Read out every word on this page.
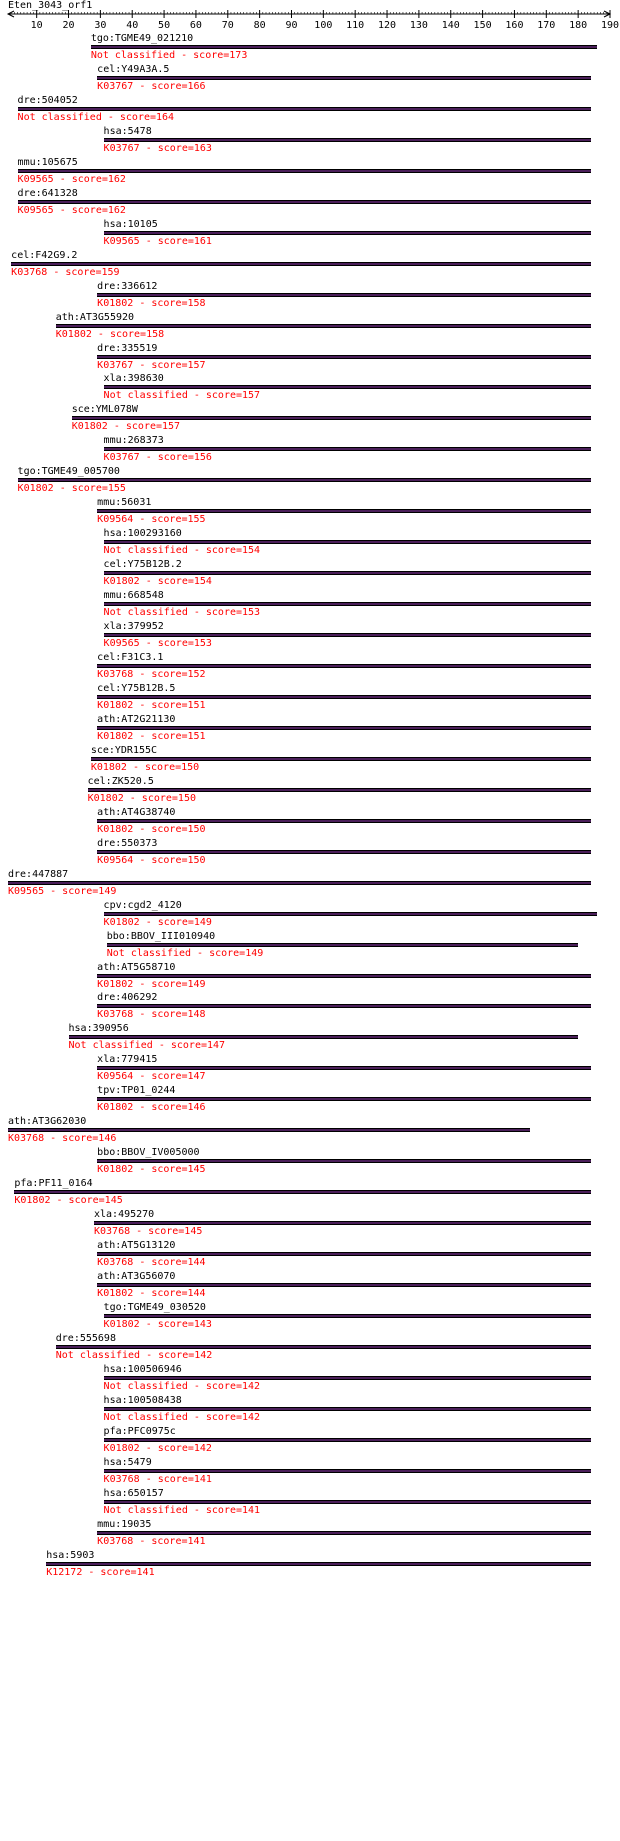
Eten_3043_orf1
10 20 30 40 50 60 70 80 90 100 110 120 130 140 150 160 170 180 190
tgo:TGME49_021210
Not classified - score=173
cel:Y49A3A.5
K03767 - score=166
dre:504052
Not classified - score=164
hsa:5478
K03767 - score=163
mmu:105675
K09565 - score=162
dre:641328
K09565 - score=162
hsa:10105
K09565 - score=161
cel:F42G9.2
K03768 - score=159
dre:336612
K01802 - score=158
ath:AT3G55920
K01802 - score=158
dre:335519
K03767 - score=157
xla:398630
Not classified - score=157
sce:YML078W
K01802 - score=157
mmu:268373
K03767 - score=156
tgo:TGME49_005700
K01802 - score=155
mmu:56031
K09564 - score=155
hsa:100293160
Not classified - score=154
cel:Y75B12B.2
K01802 - score=154
mmu:668548
Not classified - score=153
xla:379952
K09565 - score=153
cel:F31C3.1
K03768 - score=152
cel:Y75B12B.5
K01802 - score=151
ath:AT2G21130
K01802 - score=151
sce:YDR155C
K01802 - score=150
cel:ZK520.5
K01802 - score=150
ath:AT4G38740
K01802 - score=150
dre:550373
K09564 - score=150
dre:447887
K09565 - score=149
cpv:cgd2_4120
K01802 - score=149
bbo:BBOV_III010940
Not classified - score=149
ath:AT5G58710
K01802 - score=149
dre:406292
K03768 - score=148
hsa:390956
Not classified - score=147
xla:779415
K09564 - score=147
tpv:TP01_0244
K01802 - score=146
ath:AT3G62030
K03768 - score=146
bbo:BBOV_IV005000
K01802 - score=145
pfa:PF11_0164
K01802 - score=145
xla:495270
K03768 - score=145
ath:AT5G13120
K03768 - score=144
ath:AT3G56070
K01802 - score=144
tgo:TGME49_030520
K01802 - score=143
dre:555698
Not classified - score=142
hsa:100506946
Not classified - score=142
hsa:100508438
Not classified - score=142
pfa:PFC0975c
K01802 - score=142
hsa:5479
K03768 - score=141
hsa:650157
Not classified - score=141
mmu:19035
K03768 - score=141
hsa:5903
K12172 - score=141
